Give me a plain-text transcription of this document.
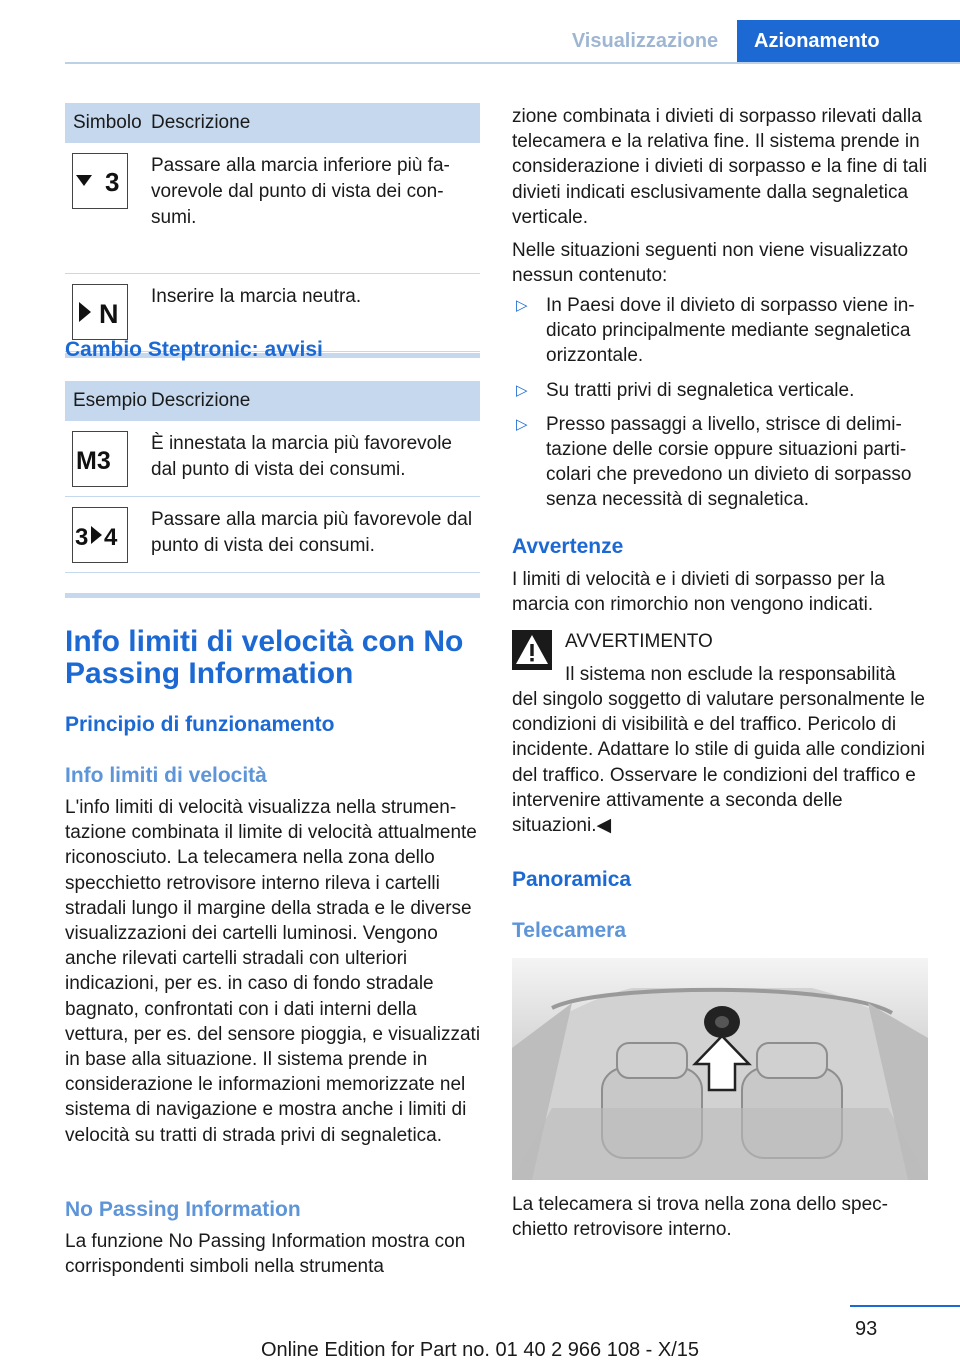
Visualizzazione	Azionamento
Simbolo Descrizione
3
Passare alla marcia inferiore più favorevole dal punto di vista dei consumi.
N
Inserire la marcia neutra.
Cambio Steptronic: avvisi
Esempio Descrizione
M3
È innestata la marcia più favorevole dal punto di vista dei consumi.
3 4
Passare alla marcia più favorevole dal punto di vista dei consumi.
Info limiti di velocità con No Passing Information
Principio di funzionamento
Info limiti di velocità
L'info limiti di velocità visualizza nella strumentazione combinata il limite di velocità attualmente riconosciuto. La telecamera nella zona dello specchietto retrovisore interno rileva i cartelli stradali lungo il margine della strada e le diverse visualizzazioni dei cartelli luminosi. Vengono anche rilevati cartelli stradali con ulteriori indicazioni, per es. in caso di fondo stradale bagnato, confrontati con i dati interni della vettura, per es. del sensore pioggia, e visualizzati in base alla situazione. Il sistema prende in considerazione le informazioni memorizzate nel sistema di navigazione e mostra anche i limiti di velocità su tratti di strada privi di segnaletica.
No Passing Information
La funzione No Passing Information mostra con corrispondenti simboli nella strumenta
zione combinata i divieti di sorpasso rilevati dalla telecamera e la relativa fine. Il sistema prende in considerazione i divieti di sorpasso e la fine di tali divieti indicati esclusivamente dalla segnaletica verticale.
Nelle situazioni seguenti non viene visualizzato nessun contenuto:
▷ In Paesi dove il divieto di sorpasso viene indicato principalmente mediante segnaletica orizzontale.
▷ Su tratti privi di segnaletica verticale.
▷ Presso passaggi a livello, strisce di delimitazione delle corsie oppure situazioni particolari che prevedono un divieto di sorpasso senza necessità di segnaletica.
Avvertenze
I limiti di velocità e i divieti di sorpasso per la marcia con rimorchio non vengono indicati.
AVVERTIMENTO
Il sistema non esclude la responsabilità
del singolo soggetto di valutare personalmente le condizioni di visibilità e del traffico. Pericolo di incidente. Adattare lo stile di guida alle condizioni del traffico. Osservare le condizioni del traffico e intervenire attivamente a seconda delle situazioni.◀
Panoramica
Telecamera
La telecamera si trova nella zona dello specchietto retrovisore interno.
93
Online Edition for Part no. 01 40 2 966 108 - X/15
